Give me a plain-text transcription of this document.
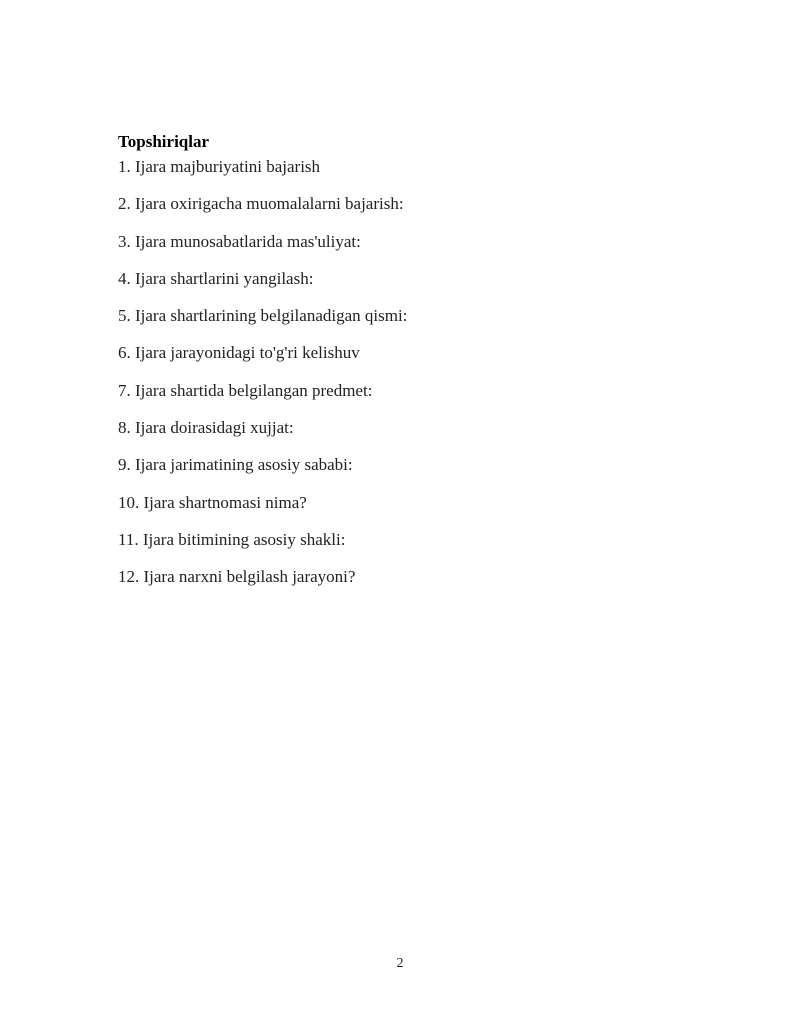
Topshiriqlar
1. Ijara majburiyatini bajarish
2. Ijara oxirigacha muomalalarni bajarish:
3. Ijara munosabatlarida mas'uliyat:
4. Ijara shartlarini yangilash:
5. Ijara shartlarining belgilanadigan qismi:
6. Ijara jarayonidagi to'g'ri kelishuv
7. Ijara shartida belgilangan predmet:
8. Ijara doirasidagi xujjat:
9. Ijara jarimatining asosiy sababi:
10. Ijara shartnomasi nima?
11. Ijara bitimining asosiy shakli:
12. Ijara narxni belgilash jarayoni?
2
